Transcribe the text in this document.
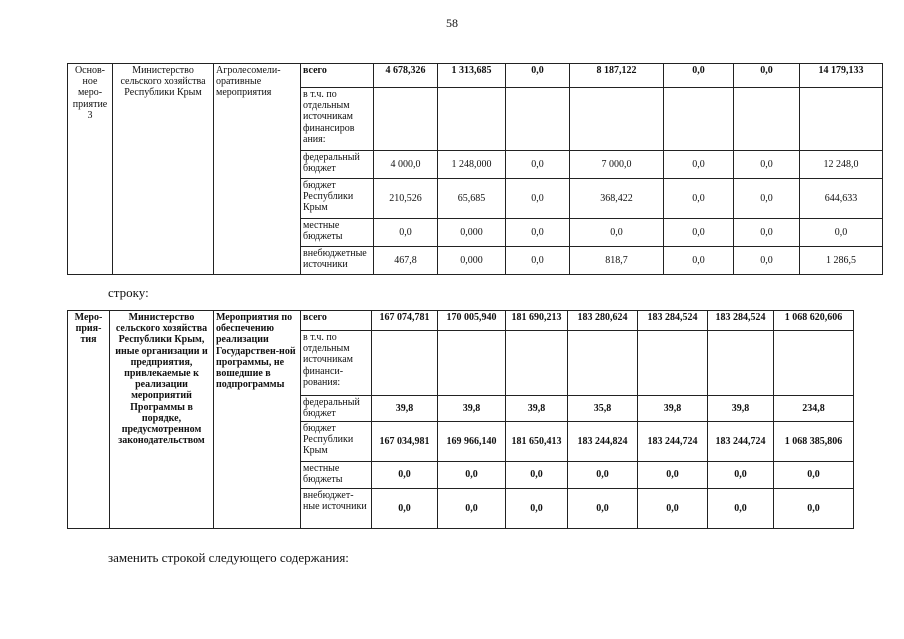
58
Основ-ное меро-приятие 3	Министерство сельского хозяйства Республики Крым	Агролесомели-оративные мероприятия	всего	4 678,326	1 313,685	0,0	8 187,122	0,0	0,0	14 179,133
			в т.ч. по отдельным источникам финансиров ания:							
			федеральный бюджет	4 000,0	1 248,000	0,0	7 000,0	0,0	0,0	12 248,0
			бюджет Республики Крым	210,526	65,685	0,0	368,422	0,0	0,0	644,633
			местные бюджеты	0,0	0,000	0,0	0,0	0,0	0,0	0,0
			внебюджетные источники	467,8	0,000	0,0	818,7	0,0	0,0	1 286,5
строку:
Меро-прия-тия	Министерство сельского хозяйства Республики Крым, иные организации и предприятия, привлекаемые к реализации мероприятий Программы в порядке, предусмотренном законодательством	Мероприятия по обеспечению реализации Государствен-ной программы, не вошедшие в подпрограммы	всего	167 074,781	170 005,940	181 690,213	183 280,624	183 284,524	183 284,524	1 068 620,606
			в т.ч. по отдельным источникам финанси-рования:							
			федеральный бюджет	39,8	39,8	39,8	35,8	39,8	39,8	234,8
			бюджет Республики Крым	167 034,981	169 966,140	181 650,413	183 244,824	183 244,724	183 244,724	1 068 385,806
			местные бюджеты	0,0	0,0	0,0	0,0	0,0	0,0	0,0
			внебюджет-ные источники	0,0	0,0	0,0	0,0	0,0	0,0	0,0
заменить строкой следующего содержания:
